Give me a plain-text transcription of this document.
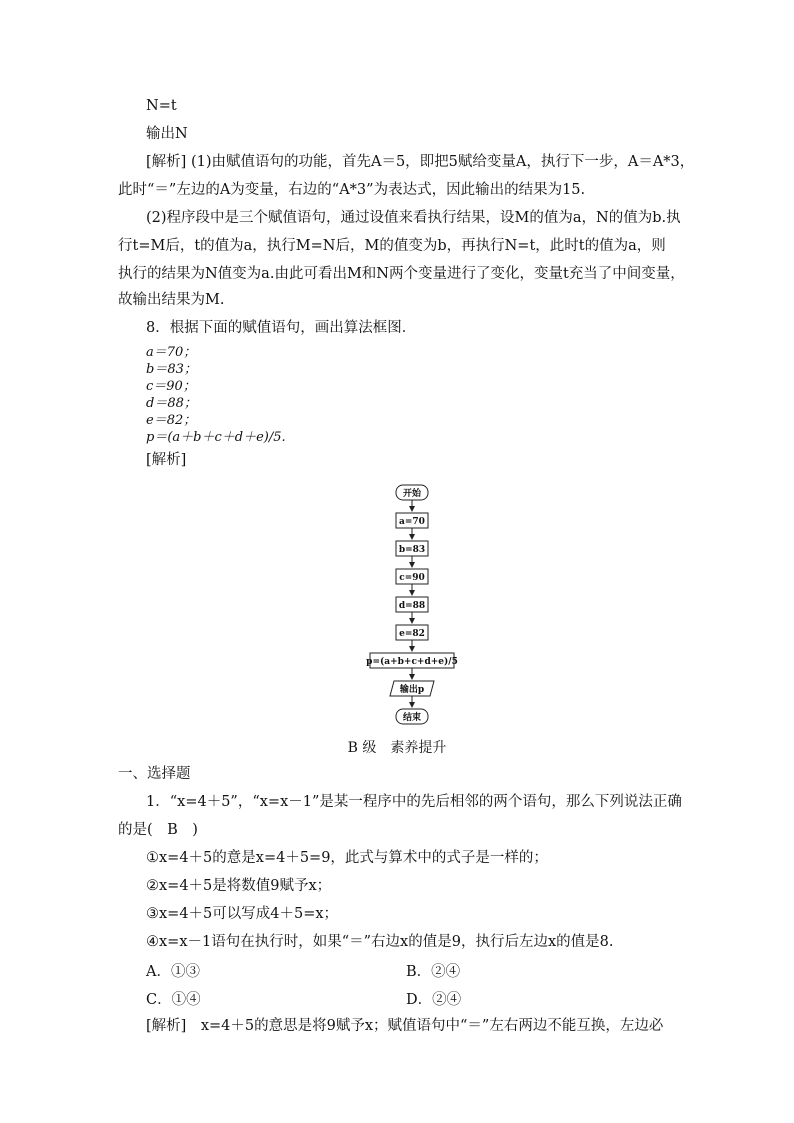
N=t
输出N
[解析] (1)由赋值语句的功能，首先A＝5，即把5赋给变量A，执行下一步，A＝A*3，
此时“＝”左边的A为变量，右边的“A*3”为表达式，因此输出的结果为15.
(2)程序段中是三个赋值语句，通过设值来看执行结果，设M的值为a，N的值为b.执
行t=M后，t的值为a，执行M=N后，M的值变为b，再执行N=t，此时t的值为a，则
执行的结果为N值变为a.由此可看出M和N两个变量进行了变化，变量t充当了中间变量，
故输出结果为M.
8．根据下面的赋值语句，画出算法框图．
a＝70；
b＝83；
c＝90；
d＝88；
e＝82；
p＝(a＋b＋c＋d＋e)/5.
[解析]
开始
a=70
b=83
c=90
d=88
e=82
p=(a+b+c+d+e)/5
输出p
结束
B 级　素养提升
一、选择题
1．“x=4＋5”，“x=x－1”是某一程序中的先后相邻的两个语句，那么下列说法正确
的是(　B　)
①x=4＋5的意是x=4＋5=9，此式与算术中的式子是一样的；
②x=4＋5是将数值9赋予x；
③x=4＋5可以写成4＋5=x；
④x=x－1语句在执行时，如果“＝”右边x的值是9，执行后左边x的值是8.
A．①③	B．②④
C．①④	D．②④
[解析]　x=4＋5的意思是将9赋予x；赋值语句中“＝”左右两边不能互换，左边必
